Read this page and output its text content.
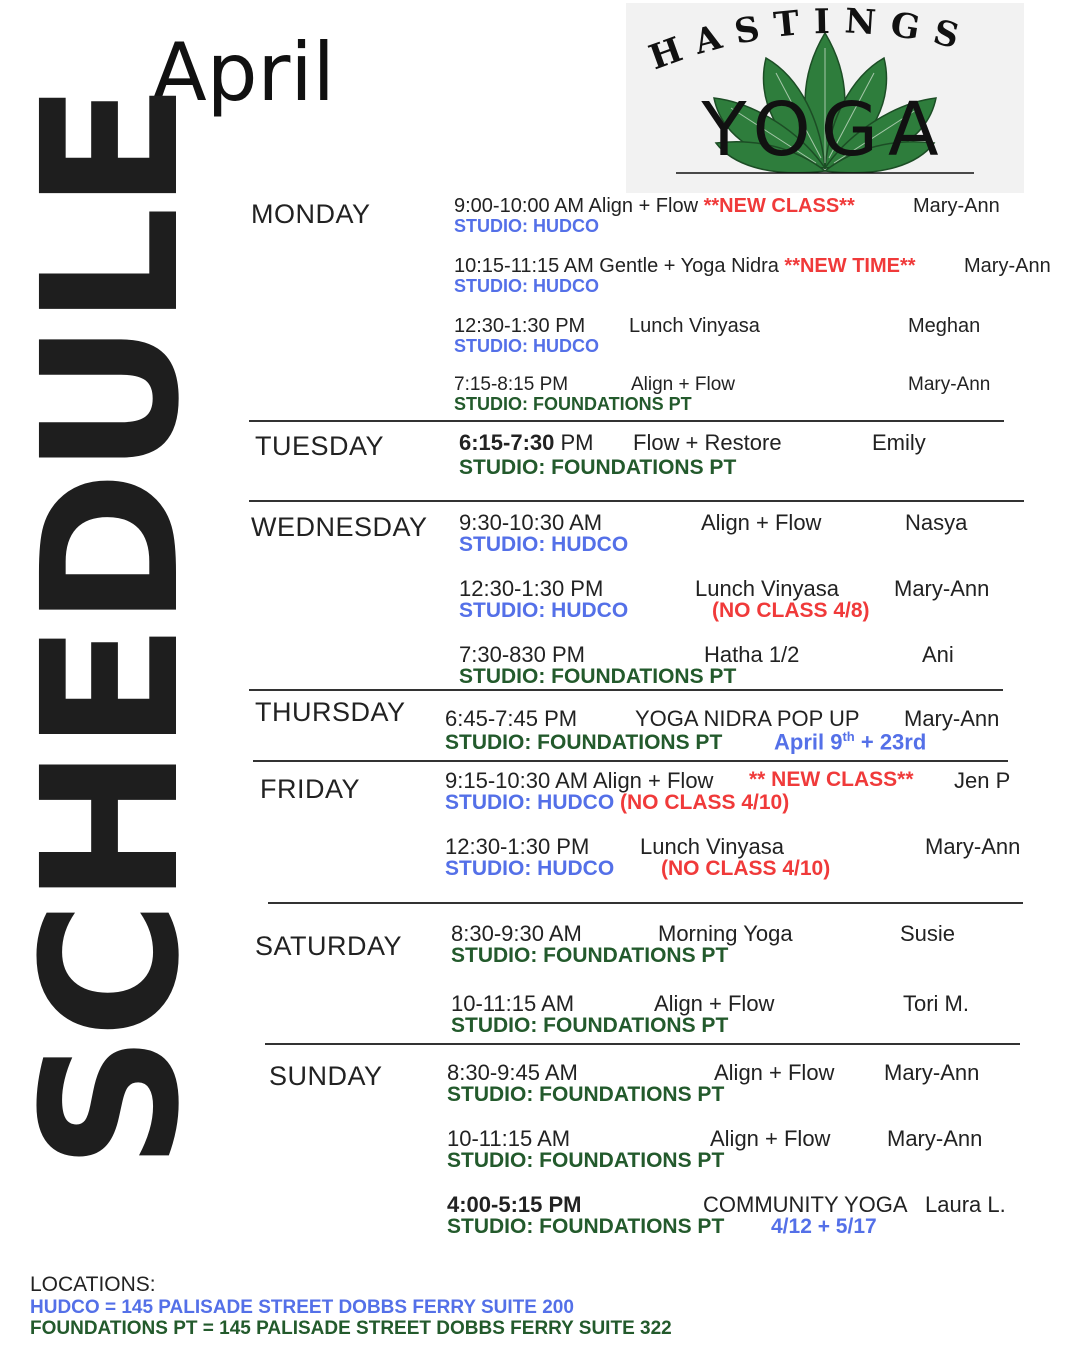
April
SCHEDULE
HASTINGS
YOGA
MONDAY	9:00-10:00 AM Align + Flow **NEW CLASS**	Mary-Ann
STUDIO: HUDCO
10:15-11:15 AM Gentle + Yoga Nidra **NEW TIME** Mary-Ann
STUDIO: HUDCO
12:30-1:30 PM Lunch Vinyasa	Meghan
STUDIO: HUDCO
7:15-8:15 PM	Align + Flow	Mary-Ann
STUDIO: FOUNDATIONS PT
TUESDAY	6:15-7:30 PM Flow + Restore	Emily
STUDIO: FOUNDATIONS PT
WEDNESDAY 9:30-10:30 AM	Align + Flow	Nasya
STUDIO: HUDCO
12:30-1:30 PM	Lunch Vinyasa	Mary-Ann
STUDIO: HUDCO	(NO CLASS 4/8)
7:30-830 PM	Hatha 1/2	Ani
STUDIO: FOUNDATIONS PT
THURSDAY 6:45-7:45 PM	YOGA NIDRA POP UP Mary-Ann
STUDIO: FOUNDATIONS PT April 9th + 23rd
FRIDAY	9:15-10:30 AM Align + Flow ** NEW CLASS** Jen P
STUDIO: HUDCO (NO CLASS 4/10)
12:30-1:30 PM Lunch Vinyasa	Mary-Ann
STUDIO: HUDCO (NO CLASS 4/10)
SATURDAY 8:30-9:30 AM	Morning Yoga	Susie
STUDIO: FOUNDATIONS PT
10-11:15 AM	Align + Flow	Tori M.
STUDIO: FOUNDATIONS PT
SUNDAY	8:30-9:45 AM	Align + Flow Mary-Ann
STUDIO: FOUNDATIONS PT
10-11:15 AM	Align + Flow	Mary-Ann
STUDIO: FOUNDATIONS PT
4:00-5:15 PM	COMMUNITY YOGA Laura L.
STUDIO: FOUNDATIONS PT 4/12 + 5/17
LOCATIONS:
HUDCO = 145 PALISADE STREET DOBBS FERRY SUITE 200
FOUNDATIONS PT = 145 PALISADE STREET DOBBS FERRY SUITE 322
